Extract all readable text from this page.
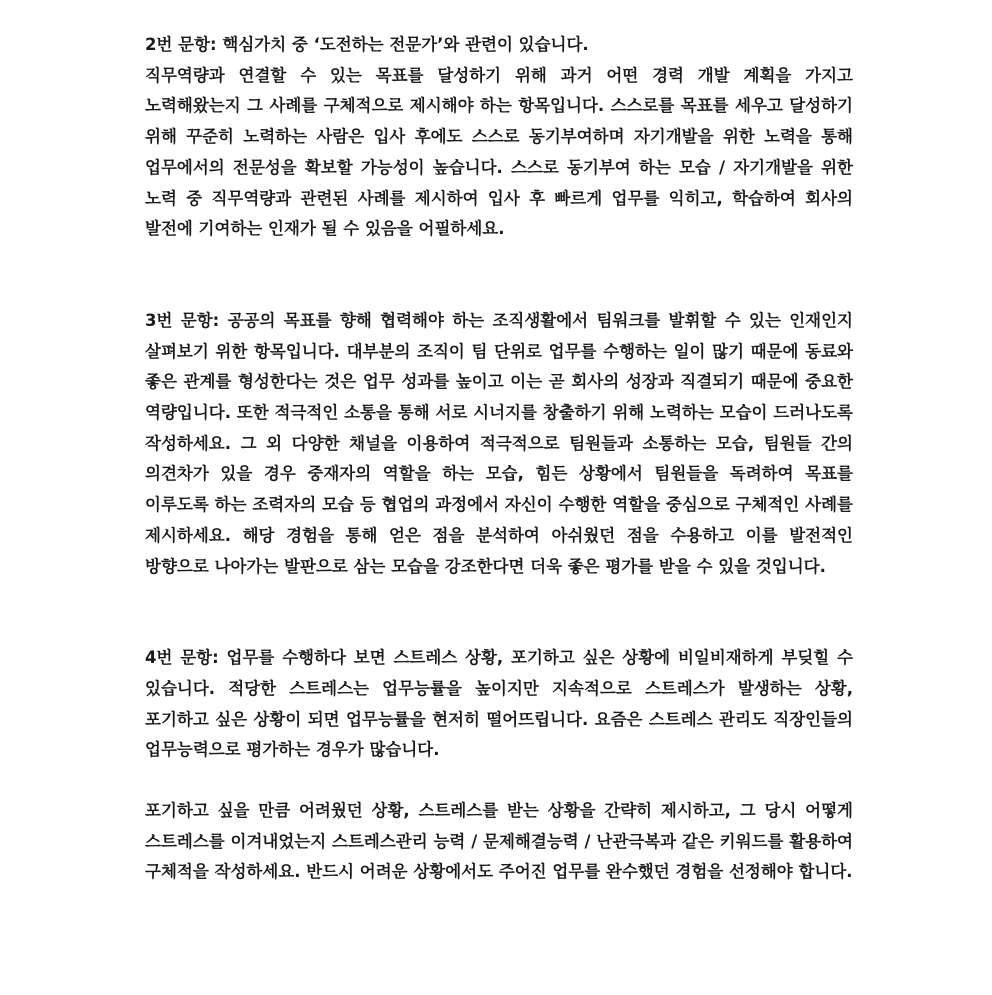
2번 문항: 핵심가치 중 ‘도전하는 전문가’와 관련이 있습니다.

직무역량과 연결할 수 있는 목표를 달성하기 위해 과거 어떤 경력 개발 계획을 가지고 노력해왔는지 그 사례를 구체적으로 제시해야 하는 항목입니다. 스스로를 목표를 세우고 달성하기 위해 꾸준히 노력하는 사람은 입사 후에도 스스로 동기부여하며 자기개발을 위한 노력을 통해 업무에서의 전문성을 확보할 가능성이 높습니다. 스스로 동기부여 하는 모습 / 자기개발을 위한 노력 중 직무역량과 관련된 사례를 제시하여 입사 후 빠르게 업무를 익히고, 학습하여 회사의 발전에 기여하는 인재가 될 수 있음을 어필하세요.

3번 문항: 공공의 목표를 향해 협력해야 하는 조직생활에서 팀워크를 발휘할 수 있는 인재인지 살펴보기 위한 항목입니다. 대부분의 조직이 팀 단위로 업무를 수행하는 일이 많기 때문에 동료와 좋은 관계를 형성한다는 것은 업무 성과를 높이고 이는 곧 회사의 성장과 직결되기 때문에 중요한 역량입니다. 또한 적극적인 소통을 통해 서로 시너지를 창출하기 위해 노력하는 모습이 드러나도록 작성하세요. 그 외 다양한 채널을 이용하여 적극적으로 팀원들과 소통하는 모습, 팀원들 간의 의견차가 있을 경우 중재자의 역할을 하는 모습, 힘든 상황에서 팀원들을 독려하여 목표를 이루도록 하는 조력자의 모습 등 협업의 과정에서 자신이 수행한 역할을 중심으로 구체적인 사례를 제시하세요. 해당 경험을 통해 얻은 점을 분석하여 아쉬웠던 점을 수용하고 이를 발전적인 방향으로 나아가는 발판으로 삼는 모습을 강조한다면 더욱 좋은 평가를 받을 수 있을 것입니다.

4번 문항: 업무를 수행하다 보면 스트레스 상황, 포기하고 싶은 상황에 비일비재하게 부딪힐 수 있습니다. 적당한 스트레스는 업무능률을 높이지만 지속적으로 스트레스가 발생하는 상황, 포기하고 싶은 상황이 되면 업무능률을 현저히 떨어뜨립니다. 요즘은 스트레스 관리도 직장인들의 업무능력으로 평가하는 경우가 많습니다.

포기하고 싶을 만큼 어려웠던 상황, 스트레스를 받는 상황을 간략히 제시하고, 그 당시 어떻게 스트레스를 이겨내었는지 스트레스관리 능력 / 문제해결능력 / 난관극복과 같은 키워드를 활용하여 구체적을 작성하세요. 반드시 어려운 상황에서도 주어진 업무를 완수했던 경험을 선정해야 합니다.
